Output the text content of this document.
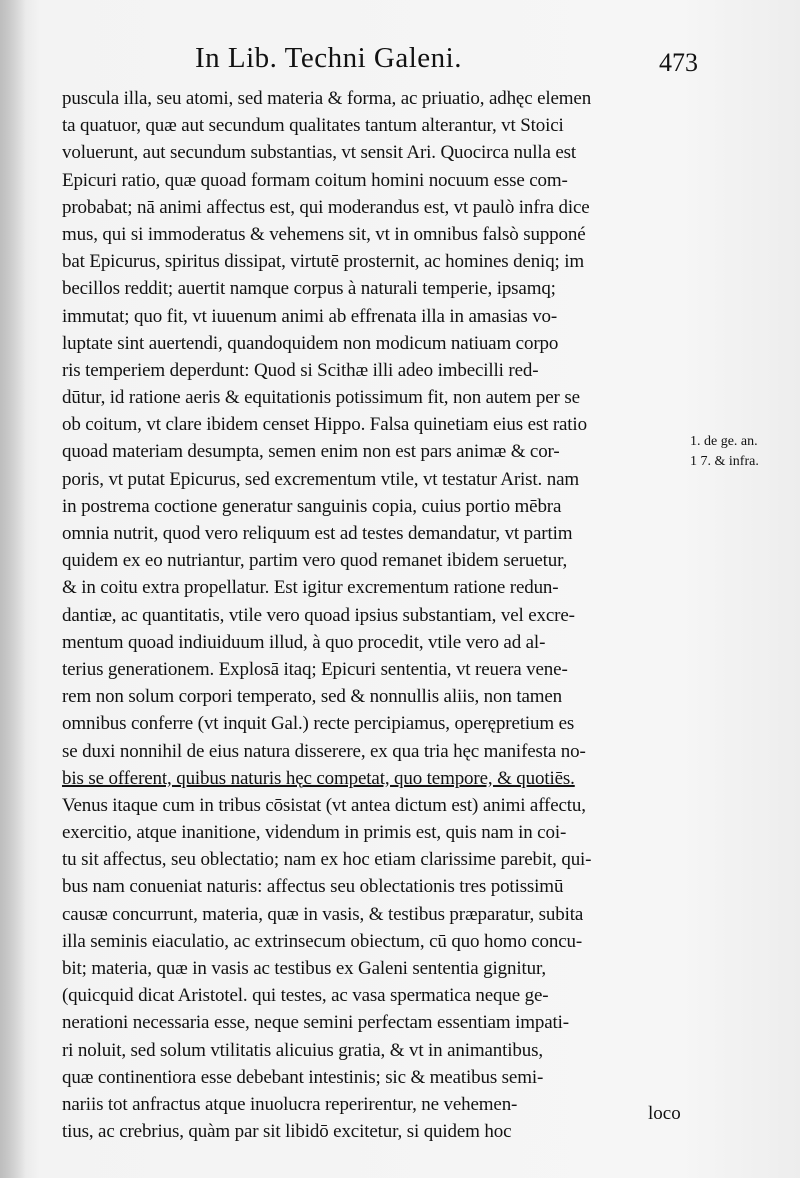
In Lib. Techni Galeni.	473

puscula illa, seu atomi, sed materia & forma, ac priuatio, adhęc elemen
ta quatuor, quæ aut secundum qualitates tantum alterantur, vt Stoici
voluerunt, aut secundum substantias, vt sensit Ari. Quocirca nulla est
Epicuri ratio, quæ quoad formam coitum homini nocuum esse com-
probabat; nā animi affectus est, qui moderandus est, vt paulò infra dice
mus, qui si immoderatus & vehemens sit, vt in omnibus falsò supponé
bat Epicurus, spiritus dissipat, virtutē prosternit, ac homines deniq; im
becillos reddit; auertit namque corpus à naturali temperie, ipsamq;
immutat; quo fit, vt iuuenum animi ab effrenata illa in amasias vo-
luptate sint auertendi, quandoquidem non modicum natiuam corpo
ris temperiem deperdunt: Quod si Scithæ illi adeo imbecilli red-
dūtur, id ratione aeris & equitationis potissimum fit, non autem per se
ob coitum, vt clare ibidem censet Hippo. Falsa quinetiam eius est ratio
quoad materiam desumpta, semen enim non est pars animæ & cor-
poris, vt putat Epicurus, sed excrementum vtile, vt testatur Arist. nam
in postrema coctione generatur sanguinis copia, cuius portio mēbra
omnia nutrit, quod vero reliquum est ad testes demandatur, vt partim
quidem ex eo nutriantur, partim vero quod remanet ibidem seruetur,
& in coitu extra propellatur. Est igitur excrementum ratione redun-
dantiæ, ac quantitatis, vtile vero quoad ipsius substantiam, vel excre-
mentum quoad indiuiduum illud, à quo procedit, vtile vero ad al-
terius generationem. Explosā itaq; Epicuri sententia, vt reuera vene-
rem non solum corpori temperato, sed & nonnullis aliis, non tamen
omnibus conferre (vt inquit Gal.) recte percipiamus, operępretium es
se duxi nonnihil de eius natura disserere, ex qua tria hęc manifesta no-
bis se offerent, quibus naturis hęc competat, quo tempore, & quotiēs.
Venus itaque cum in tribus cōsistat (vt antea dictum est) animi affectu,
exercitio, atque inanitione, videndum in primis est, quis nam in coi-
tu sit affectus, seu oblectatio; nam ex hoc etiam clarissime parebit, qui-
bus nam conueniat naturis: affectus seu oblectationis tres potissimū
causæ concurrunt, materia, quæ in vasis, & testibus præparatur, subita
illa seminis eiaculatio, ac extrinsecum obiectum, cū quo homo concu-
bit; materia, quæ in vasis ac testibus ex Galeni sententia gignitur,
(quicquid dicat Aristotel. qui testes, ac vasa spermatica neque ge-
nerationi necessaria esse, neque semini perfectam essentiam impati-
ri noluit, sed solum vtilitatis alicuius gratia, & vt in animantibus,
quæ continentiora esse debebant intestinis; sic & meatibus semi-
nariis tot anfractus atque inuolucra reperirentur, ne vehemen-
tius, ac crebrius, quàm par sit libidō excitetur, si quidem hoc
1. de ge. an.
1 7. & infra.
loco
